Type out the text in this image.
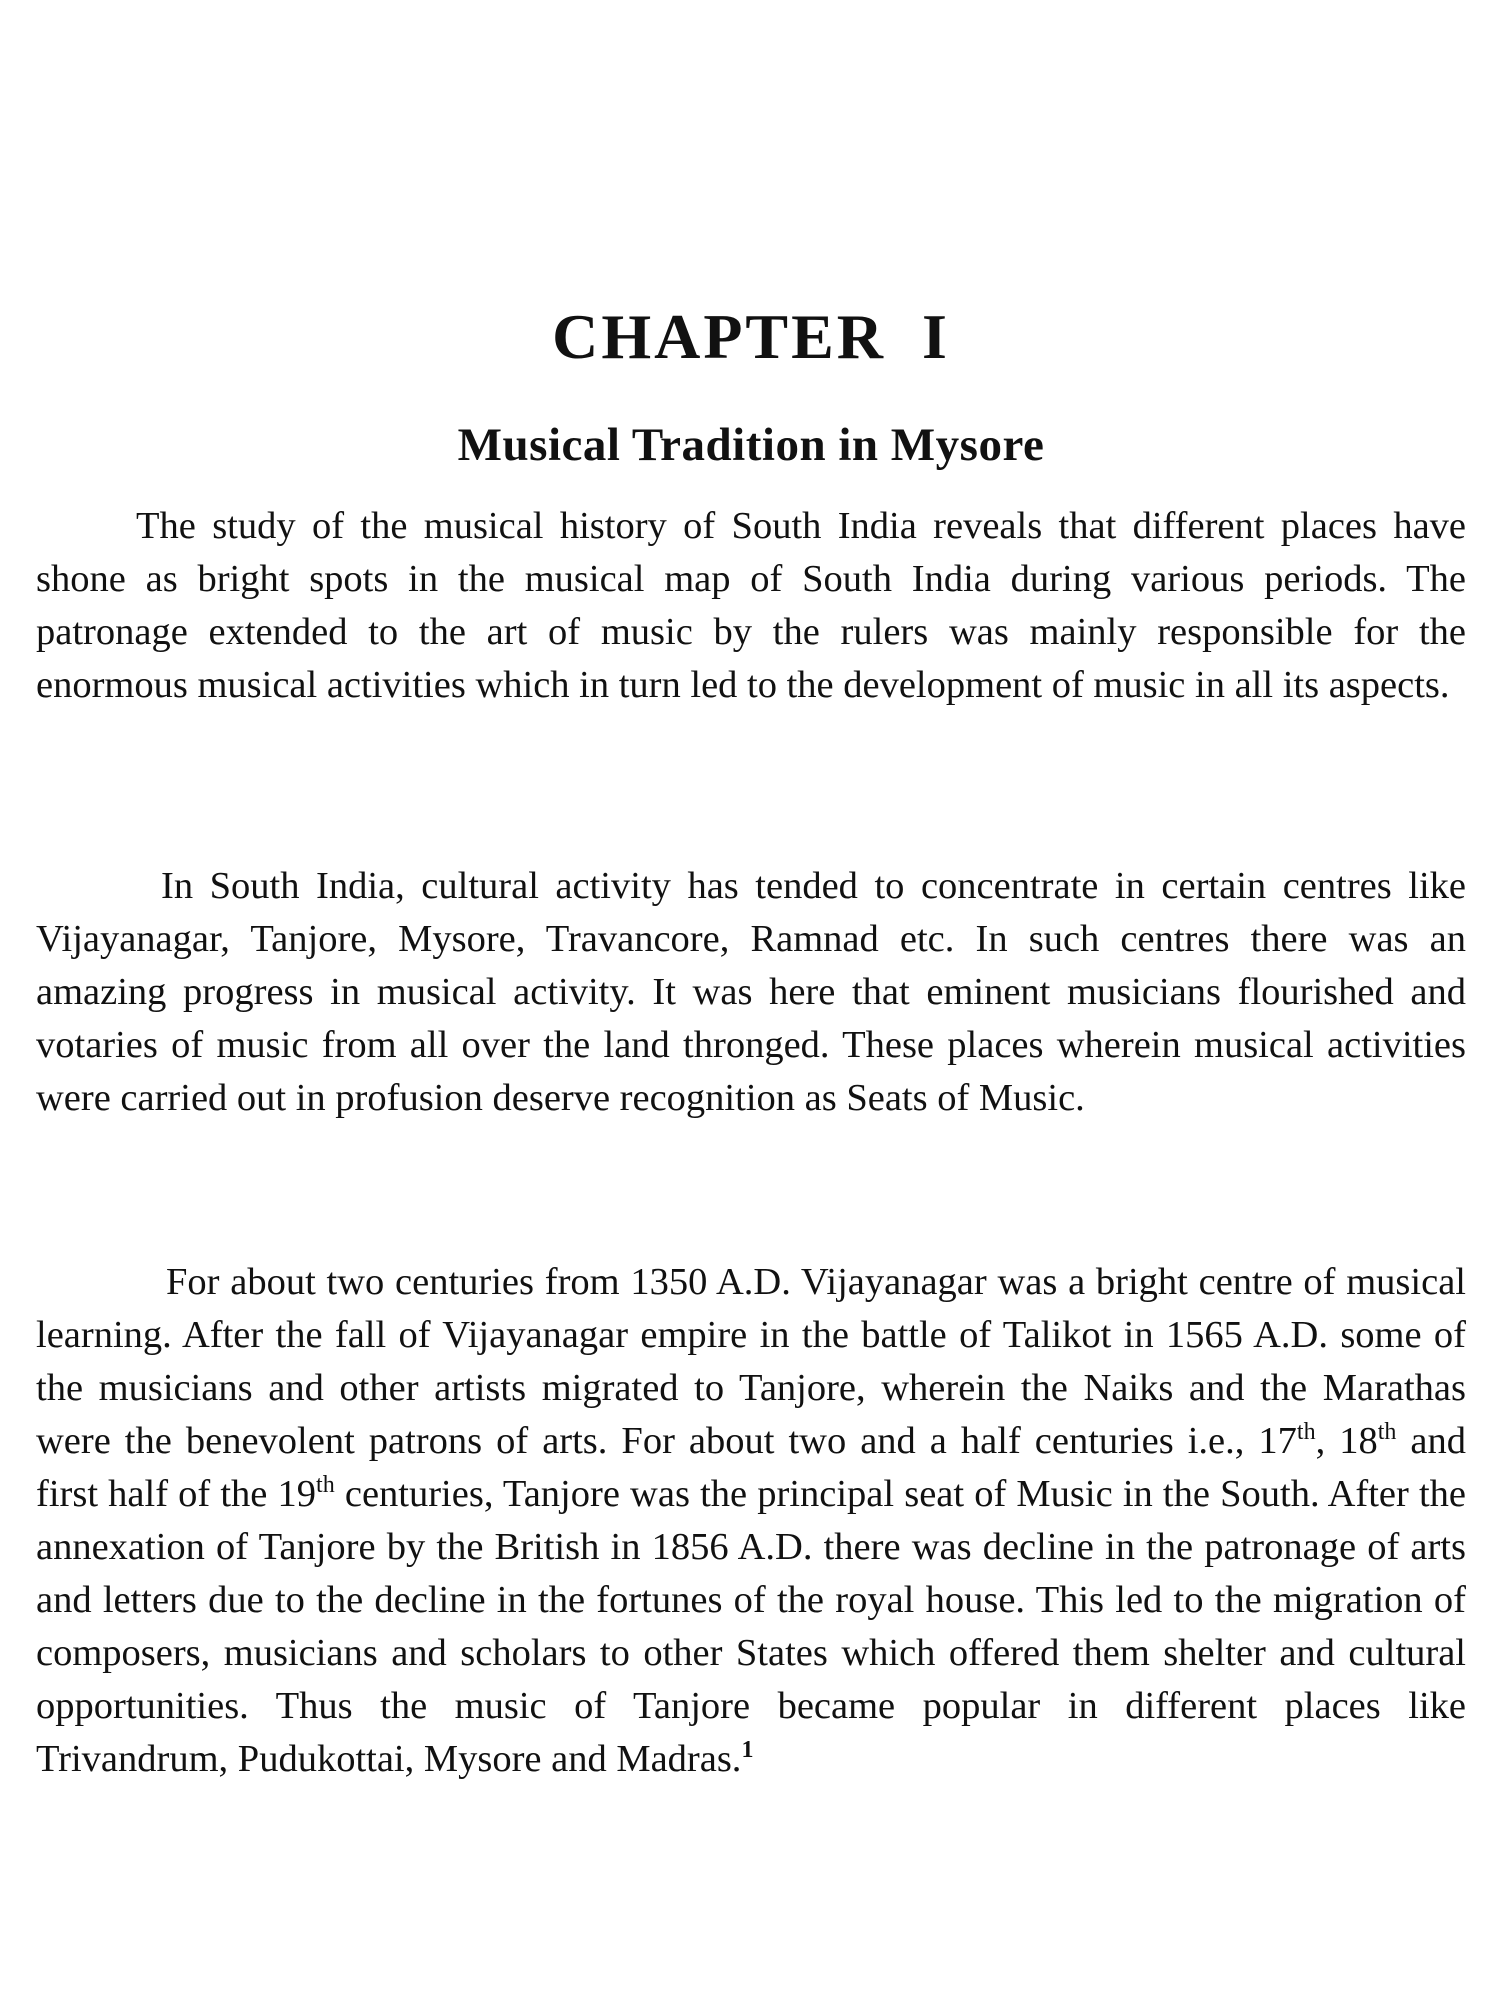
CHAPTER I
Musical Tradition in Mysore

The study of the musical history of South India reveals that different places have shone as bright spots in the musical map of South India during various periods. The patronage extended to the art of music by the rulers was mainly responsible for the enormous musical activities which in turn led to the development of music in all its aspects.

In South India, cultural activity has tended to concentrate in certain centres like Vijayanagar, Tanjore, Mysore, Travancore, Ramnad etc. In such centres there was an amazing progress in musical activity. It was here that eminent musicians flourished and votaries of music from all over the land thronged. These places wherein musical activities were carried out in profusion deserve recognition as Seats of Music.

For about two centuries from 1350 A.D. Vijayanagar was a bright centre of musical learning. After the fall of Vijayanagar empire in the battle of Talikot in 1565 A.D. some of the musicians and other artists migrated to Tanjore, wherein the Naiks and the Marathas were the benevolent patrons of arts. For about two and a half centuries i.e., 17th, 18th and first half of the 19th centuries, Tanjore was the principal seat of Music in the South. After the annexation of Tanjore by the British in 1856 A.D. there was decline in the patronage of arts and letters due to the decline in the fortunes of the royal house. This led to the migration of composers, musicians and scholars to other States which offered them shelter and cultural opportunities. Thus the music of Tanjore became popular in different places like Trivandrum, Pudukottai, Mysore and Madras.$^1$
